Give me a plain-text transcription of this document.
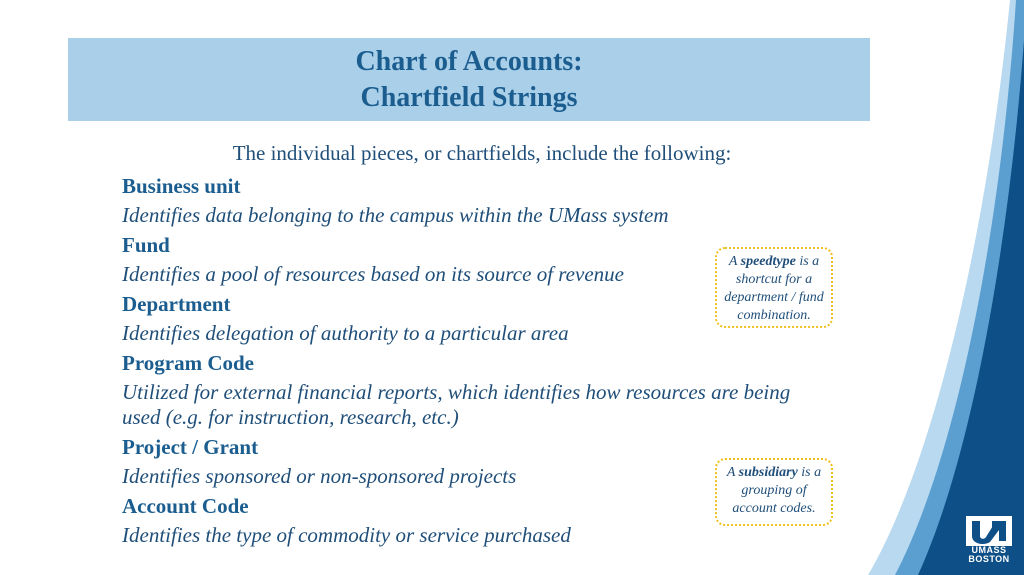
Chart of Accounts:
Chartfield Strings
The individual pieces, or chartfields, include the following:
Business unit
Identifies data belonging to the campus within the UMass system
Fund
Identifies a pool of resources based on its source of revenue
Department
Identifies delegation of authority to a particular area
Program Code
Utilized for external financial reports, which identifies how resources are being used (e.g. for instruction, research, etc.)
Project / Grant
Identifies sponsored or non-sponsored projects
Account Code
Identifies the type of commodity or service purchased
A speedtype is a shortcut for a department / fund combination.
A subsidiary is a grouping of account codes.
UMASS
BOSTON
